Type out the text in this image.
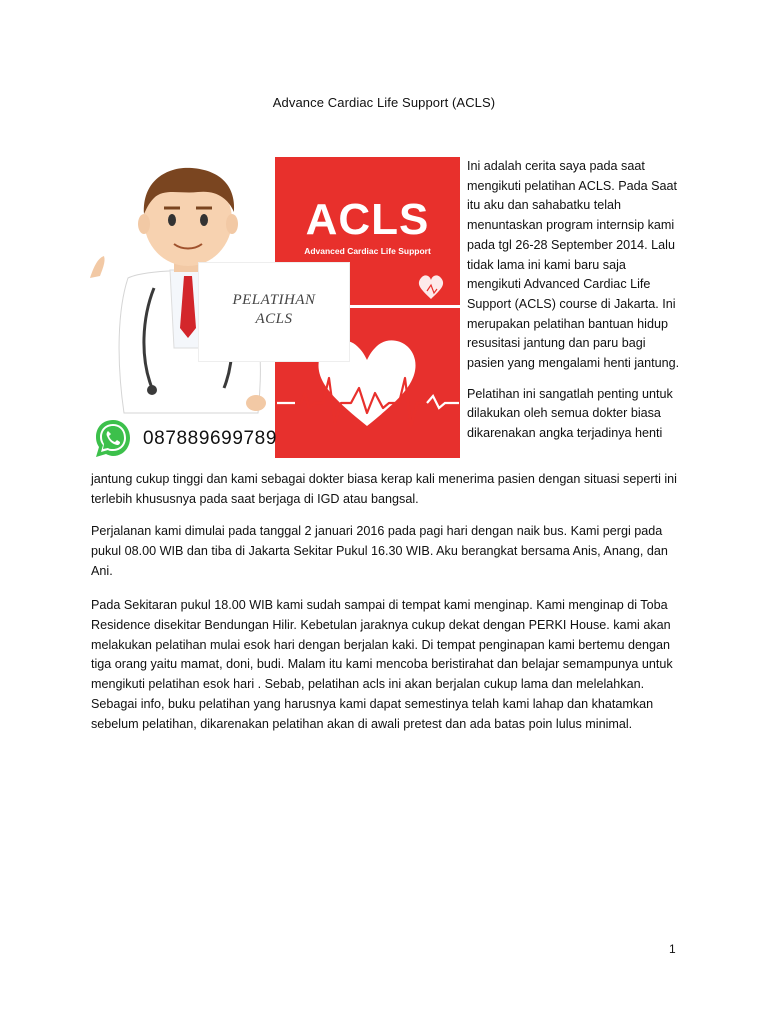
Advance Cardiac Life Support (ACLS)
ACLS
Advanced Cardiac Life Support
PELATIHAN
ACLS
087889699789

Ini adalah cerita saya pada saat mengikuti pelatihan ACLS. Pada Saat itu aku dan sahabatku telah menuntaskan program internsip kami pada tgl 26-28 September 2014. Lalu tidak lama ini kami baru saja mengikuti Advanced Cardiac Life Support (ACLS) course di Jakarta. Ini merupakan pelatihan bantuan hidup resusitasi jantung dan paru bagi pasien yang mengalami henti jantung.

Pelatihan ini sangatlah penting untuk dilakukan oleh semua dokter biasa dikarenakan angka terjadinya henti

jantung cukup tinggi dan kami sebagai dokter biasa kerap kali menerima pasien dengan situasi seperti ini terlebih khususnya pada saat berjaga di IGD atau bangsal.
Perjalanan kami dimulai pada tanggal 2 januari 2016 pada pagi hari dengan naik bus. Kami pergi pada pukul 08.00 WIB dan tiba di Jakarta Sekitar Pukul 16.30 WIB. Aku berangkat bersama Anis, Anang, dan Ani.
Pada Sekitaran pukul 18.00 WIB kami sudah sampai di tempat kami menginap. Kami menginap di Toba Residence disekitar Bendungan Hilir. Kebetulan jaraknya cukup dekat dengan PERKI House. kami akan melakukan pelatihan mulai esok hari dengan berjalan kaki. Di tempat penginapan kami bertemu dengan tiga orang yaitu mamat, doni, budi. Malam itu kami mencoba beristirahat dan belajar semampunya untuk mengikuti pelatihan esok hari . Sebab, pelatihan acls ini akan berjalan cukup lama dan melelahkan. Sebagai info, buku pelatihan yang harusnya kami dapat semestinya telah kami lahap dan khatamkan sebelum pelatihan, dikarenakan pelatihan akan di awali pretest dan ada batas poin lulus minimal.
1
